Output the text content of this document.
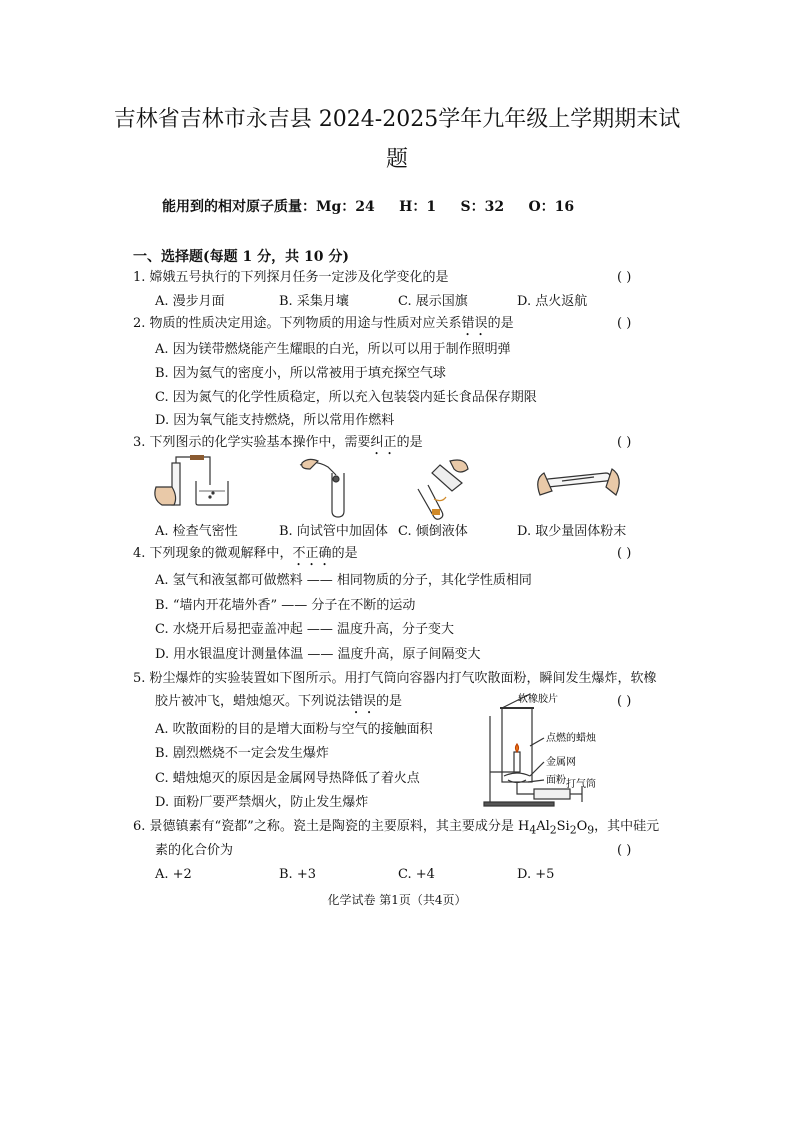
吉林省吉林市永吉县 2024-2025学年九年级上学期期末试
题
能用到的相对原子质量：Mg：24     H：1     S：32     O：16
一、选择题(每题 1 分，共 10 分)
1. 嫦娥五号执行的下列探月任务一定涉及化学变化的是	( )
A. 漫步月面	B. 采集月壤	C. 展示国旗	D. 点火返航
2. 物质的性质决定用途。下列物质的用途与性质对应关系错误的是	( )
A. 因为镁带燃烧能产生耀眼的白光，所以可以用于制作照明弹
B. 因为氦气的密度小，所以常被用于填充探空气球
C. 因为氮气的化学性质稳定，所以充入包装袋内延长食品保存期限
D. 因为氧气能支持燃烧，所以常用作燃料
3. 下列图示的化学实验基本操作中，需要纠正的是	( )
A. 检查气密性	B. 向试管中加固体 C. 倾倒液体	D. 取少量固体粉末
4. 下列现象的微观解释中，不正确的是	( )
A. 氢气和液氢都可做燃料 —— 相同物质的分子，其化学性质相同
B. “墙内开花墙外香” —— 分子在不断的运动
C. 水烧开后易把壶盖冲起 —— 温度升高，分子变大
D. 用水银温度计测量体温 —— 温度升高，原子间隔变大
5. 粉尘爆炸的实验装置如下图所示。用打气筒向容器内打气吹散面粉，瞬间发生爆炸，软橡
胶片被冲飞，蜡烛熄灭。下列说法错误的是	( )
A. 吹散面粉的目的是增大面粉与空气的接触面积
B. 剧烈燃烧不一定会发生爆炸
C. 蜡烛熄灭的原因是金属网导热降低了着火点
D. 面粉厂要严禁烟火，防止发生爆炸
软橡胶片
点燃的蜡烛
金属网
面粉 打气筒
6. 景德镇素有“瓷都”之称。瓷土是陶瓷的主要原料，其主要成分是 $H_4Al_2Si_2O_9$，其中硅元
素的化合价为	( )
A. +2	B. +3	C. +4	D. +5
化学试卷 第1页（共4页）
